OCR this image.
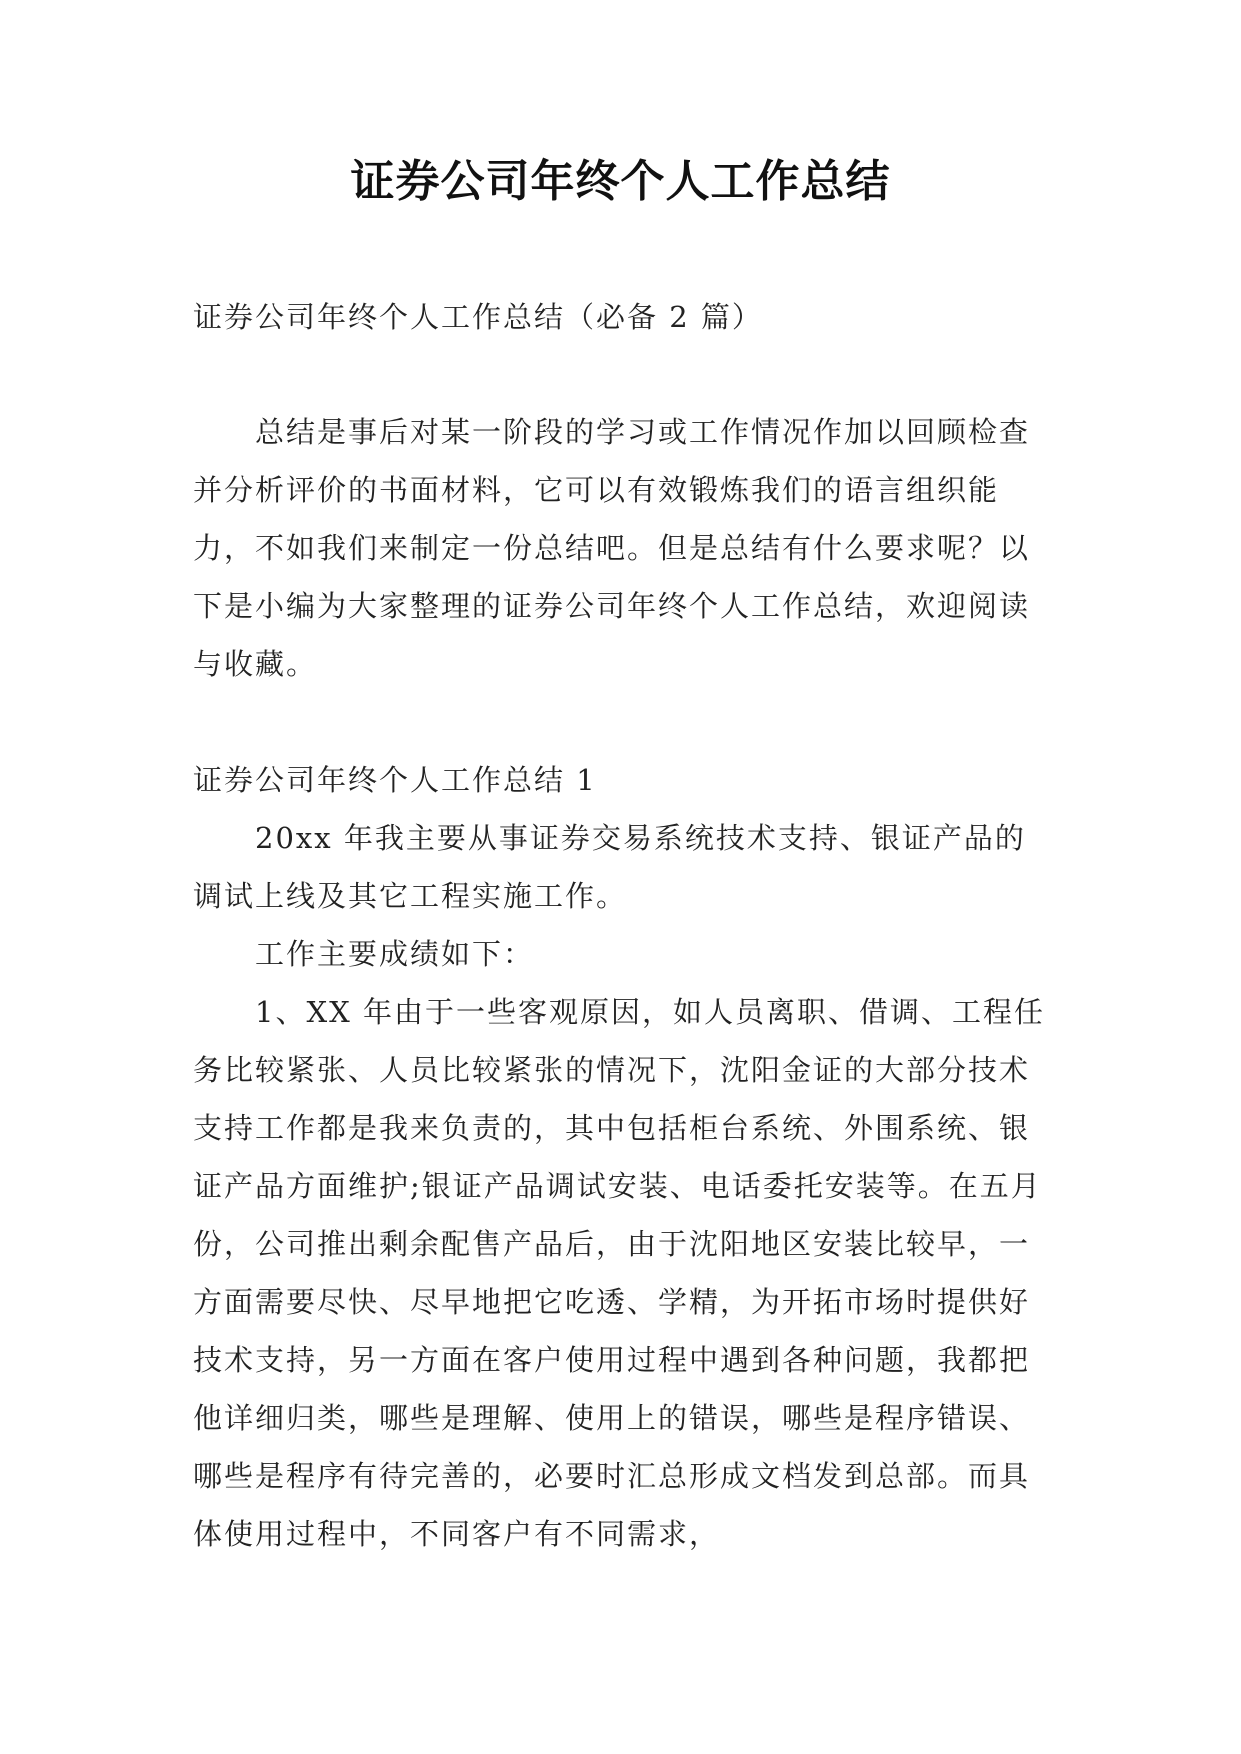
证券公司年终个人工作总结

证券公司年终个人工作总结（必备 2 篇）

总结是事后对某一阶段的学习或工作情况作加以回顾检查并分析评价的书面材料，它可以有效锻炼我们的语言组织能力，不如我们来制定一份总结吧。但是总结有什么要求呢？以下是小编为大家整理的证券公司年终个人工作总结，欢迎阅读与收藏。

证券公司年终个人工作总结 1

20xx 年我主要从事证券交易系统技术支持、银证产品的调试上线及其它工程实施工作。

工作主要成绩如下：

1、XX 年由于一些客观原因，如人员离职、借调、工程任务比较紧张、人员比较紧张的情况下，沈阳金证的大部分技术支持工作都是我来负责的，其中包括柜台系统、外围系统、银证产品方面维护;银证产品调试安装、电话委托安装等。在五月份，公司推出剩余配售产品后，由于沈阳地区安装比较早，一方面需要尽快、尽早地把它吃透、学精，为开拓市场时提供好技术支持，另一方面在客户使用过程中遇到各种问题，我都把他详细归类，哪些是理解、使用上的错误，哪些是程序错误、哪些是程序有待完善的，必要时汇总形成文档发到总部。而具体使用过程中，不同客户有不同需求，
